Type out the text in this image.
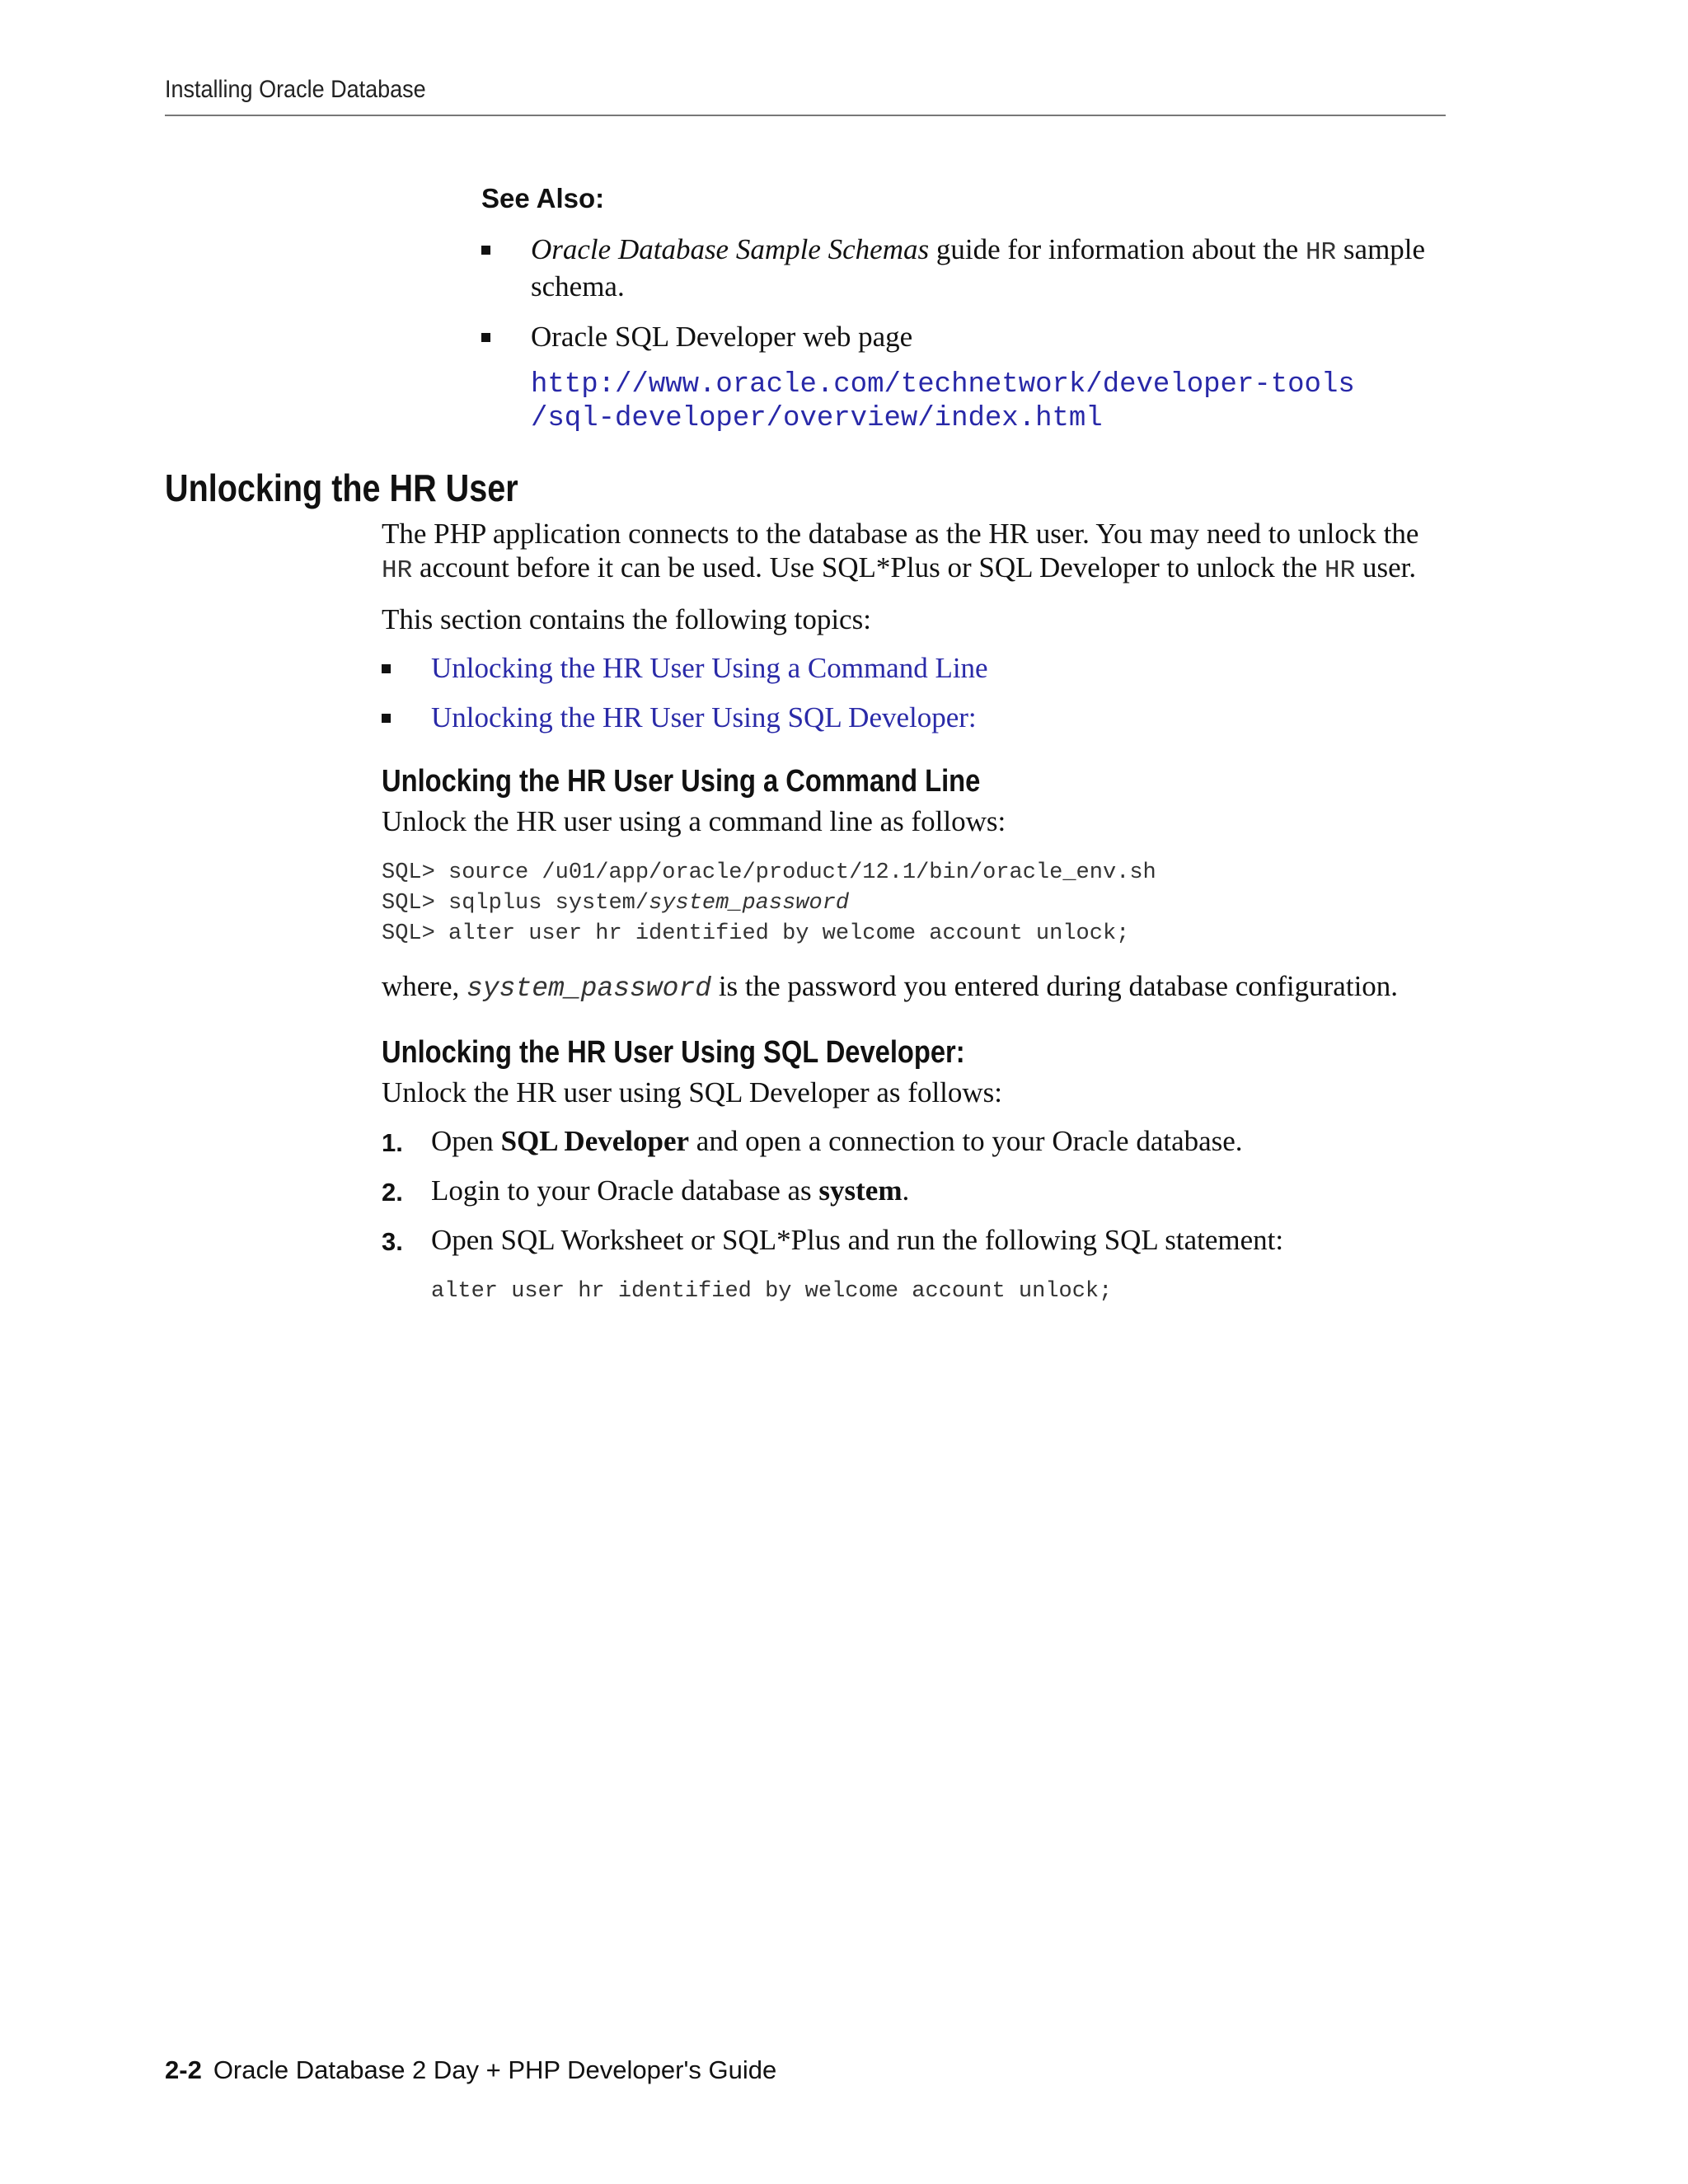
Installing Oracle Database
See Also:
Oracle Database Sample Schemas guide for information about the HR sample schema.
Oracle SQL Developer web page
http://www.oracle.com/technetwork/developer-tools
/sql-developer/overview/index.html
Unlocking the HR User

The PHP application connects to the database as the HR user. You may need to unlock the HR account before it can be used. Use SQL*Plus or SQL Developer to unlock the HR user.

This section contains the following topics:

Unlocking the HR User Using a Command Line
Unlocking the HR User Using SQL Developer:
Unlocking the HR User Using a Command Line

Unlock the HR user using a command line as follows:

SQL> source /u01/app/oracle/product/12.1/bin/oracle_env.sh
SQL> sqlplus system/system_password
SQL> alter user hr identified by welcome account unlock;

where, system_password is the password you entered during database configuration.

Unlocking the HR User Using SQL Developer:

Unlock the HR user using SQL Developer as follows:

1. Open SQL Developer and open a connection to your Oracle database.
2. Login to your Oracle database as system.
3. Open SQL Worksheet or SQL*Plus and run the following SQL statement:
alter user hr identified by welcome account unlock;
2-2 Oracle Database 2 Day + PHP Developer's Guide
